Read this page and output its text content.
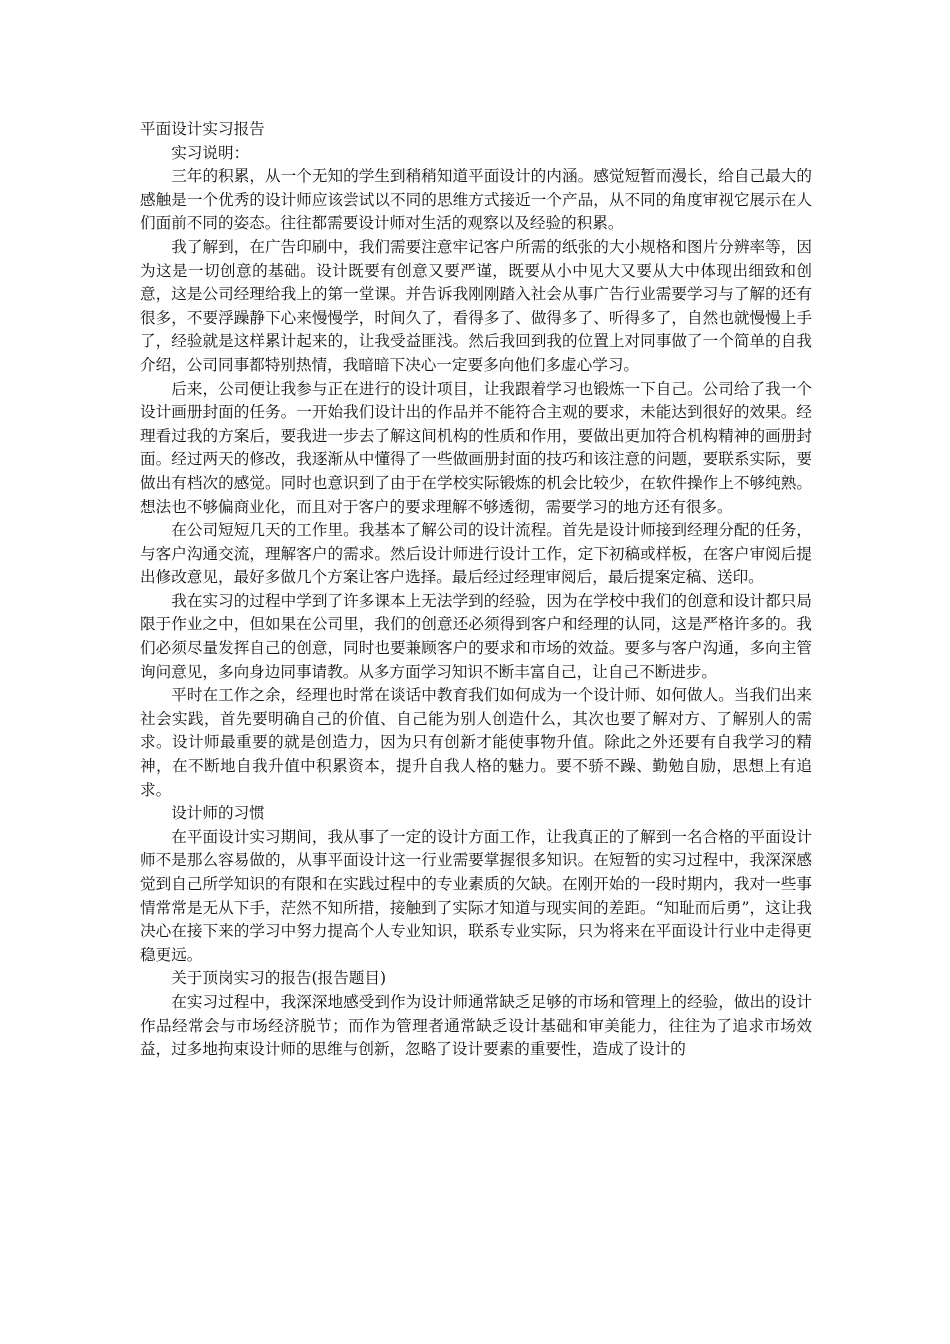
平面设计实习报告

实习说明：

三年的积累，从一个无知的学生到稍稍知道平面设计的内涵。感觉短暂而漫长，给自己最大的感触是一个优秀的设计师应该尝试以不同的思维方式接近一个产品，从不同的角度审视它展示在人们面前不同的姿态。往往都需要设计师对生活的观察以及经验的积累。

我了解到，在广告印刷中，我们需要注意牢记客户所需的纸张的大小规格和图片分辨率等，因为这是一切创意的基础。设计既要有创意又要严谨，既要从小中见大又要从大中体现出细致和创意，这是公司经理给我上的第一堂课。并告诉我刚刚踏入社会从事广告行业需要学习与了解的还有很多，不要浮躁静下心来慢慢学，时间久了，看得多了、做得多了、听得多了，自然也就慢慢上手了，经验就是这样累计起来的，让我受益匪浅。然后我回到我的位置上对同事做了一个简单的自我介绍，公司同事都特别热情，我暗暗下决心一定要多向他们多虚心学习。

后来，公司便让我参与正在进行的设计项目，让我跟着学习也锻炼一下自己。公司给了我一个设计画册封面的任务。一开始我们设计出的作品并不能符合主观的要求，未能达到很好的效果。经理看过我的方案后，要我进一步去了解这间机构的性质和作用，要做出更加符合机构精神的画册封面。经过两天的修改，我逐渐从中懂得了一些做画册封面的技巧和该注意的问题，要联系实际，要做出有档次的感觉。同时也意识到了由于在学校实际锻炼的机会比较少，在软件操作上不够纯熟。想法也不够偏商业化，而且对于客户的要求理解不够透彻，需要学习的地方还有很多。

在公司短短几天的工作里。我基本了解公司的设计流程。首先是设计师接到经理分配的任务， 与客户沟通交流，理解客户的需求。然后设计师进行设计工作，定下初稿或样板，在客户审阅后提出修改意见，最好多做几个方案让客户选择。最后经过经理审阅后，最后提案定稿、送印。

我在实习的过程中学到了许多课本上无法学到的经验，因为在学校中我们的创意和设计都只局限于作业之中，但如果在公司里，我们的创意还必须得到客户和经理的认同，这是严格许多的。我们必须尽量发挥自己的创意，同时也要兼顾客户的要求和市场的效益。要多与客户沟通，多向主管询问意见，多向身边同事请教。从多方面学习知识不断丰富自己，让自己不断进步。

平时在工作之余，经理也时常在谈话中教育我们如何成为一个设计师、如何做人。当我们出来社会实践，首先要明确自己的价值、自己能为别人创造什么，其次也要了解对方、了解别人的需求。设计师最重要的就是创造力，因为只有创新才能使事物升值。除此之外还要有自我学习的精神，在不断地自我升值中积累资本，提升自我人格的魅力。要不骄不躁、勤勉自励，思想上有追求。

设计师的习惯

在平面设计实习期间，我从事了一定的设计方面工作，让我真正的了解到一名合格的平面设计师不是那么容易做的，从事平面设计这一行业需要掌握很多知识。在短暂的实习过程中，我深深感觉到自己所学知识的有限和在实践过程中的专业素质的欠缺。在刚开始的一段时期内，我对一些事情常常是无从下手，茫然不知所措，接触到了实际才知道与现实间的差距。“知耻而后勇”，这让我决心在接下来的学习中努力提高个人专业知识，联系专业实际，只为将来在平面设计行业中走得更稳更远。

关于顶岗实习的报告(报告题目)

在实习过程中，我深深地感受到作为设计师通常缺乏足够的市场和管理上的经验，做出的设计作品经常会与市场经济脱节；而作为管理者通常缺乏设计基础和审美能力，往往为了追求市场效益，过多地拘束设计师的思维与创新，忽略了设计要素的重要性，造成了设计的
